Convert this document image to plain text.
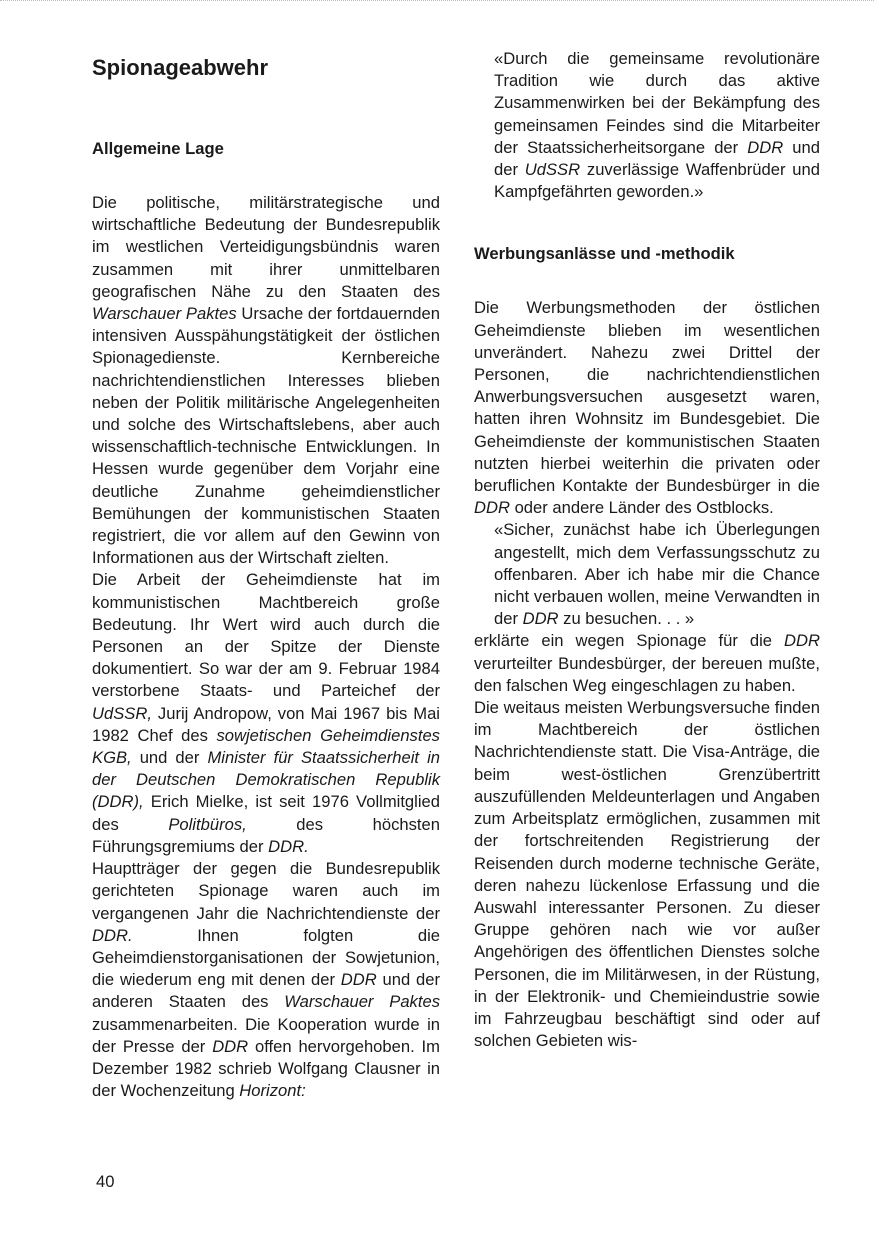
Spionageabwehr
Allgemeine Lage

Die politische, militärstrategische und wirtschaftliche Bedeutung der Bundesrepublik im westlichen Verteidigungsbündnis waren zusammen mit ihrer unmittelbaren geografischen Nähe zu den Staaten des Warschauer Paktes Ursache der fortdauernden intensiven Ausspähungstätigkeit der östlichen Spionagedienste. Kernbereiche nachrichtendienstlichen Interesses blieben neben der Politik militärische Angelegenheiten und solche des Wirtschaftslebens, aber auch wissenschaftlich-technische Entwicklungen. In Hessen wurde gegenüber dem Vorjahr eine deutliche Zunahme geheimdienstlicher Bemühungen der kommunistischen Staaten registriert, die vor allem auf den Gewinn von Informationen aus der Wirtschaft zielten.

Die Arbeit der Geheimdienste hat im kommunistischen Machtbereich große Bedeutung. Ihr Wert wird auch durch die Personen an der Spitze der Dienste dokumentiert. So war der am 9. Februar 1984 verstorbene Staats- und Parteichef der UdSSR, Jurij Andropow, von Mai 1967 bis Mai 1982 Chef des sowjetischen Geheimdienstes KGB, und der Minister für Staatssicherheit in der Deutschen Demokratischen Republik (DDR), Erich Mielke, ist seit 1976 Vollmitglied des Politbüros, des höchsten Führungsgremiums der DDR.

Hauptträger der gegen die Bundesrepublik gerichteten Spionage waren auch im vergangenen Jahr die Nachrichtendienste der DDR. Ihnen folgten die Geheimdienstorganisationen der Sowjetunion, die wiederum eng mit denen der DDR und der anderen Staaten des Warschauer Paktes zusammenarbeiten. Die Kooperation wurde in der Presse der DDR offen hervorgehoben. Im Dezember 1982 schrieb Wolfgang Clausner in der Wochenzeitung Horizont:

«Durch die gemeinsame revolutionäre Tradition wie durch das aktive Zusammenwirken bei der Bekämpfung des gemeinsamen Feindes sind die Mitarbeiter der Staatssicherheitsorgane der DDR und der UdSSR zuverlässige Waffenbrüder und Kampfgefährten geworden.»

Werbungsanlässe und -methodik

Die Werbungsmethoden der östlichen Geheimdienste blieben im wesentlichen unverändert. Nahezu zwei Drittel der Personen, die nachrichtendienstlichen Anwerbungsversuchen ausgesetzt waren, hatten ihren Wohnsitz im Bundesgebiet. Die Geheimdienste der kommunistischen Staaten nutzten hierbei weiterhin die privaten oder beruflichen Kontakte der Bundesbürger in die DDR oder andere Länder des Ostblocks.

«Sicher, zunächst habe ich Überlegungen angestellt, mich dem Verfassungsschutz zu offenbaren. Aber ich habe mir die Chance nicht verbauen wollen, meine Verwandten in der DDR zu besuchen. . . »

erklärte ein wegen Spionage für die DDR verurteilter Bundesbürger, der bereuen mußte, den falschen Weg eingeschlagen zu haben.

Die weitaus meisten Werbungsversuche finden im Machtbereich der östlichen Nachrichtendienste statt. Die Visa-Anträge, die beim west-östlichen Grenzübertritt auszufüllenden Meldeunterlagen und Angaben zum Arbeitsplatz ermöglichen, zusammen mit der fortschreitenden Registrierung der Reisenden durch moderne technische Geräte, deren nahezu lückenlose Erfassung und die Auswahl interessanter Personen. Zu dieser Gruppe gehören nach wie vor außer Angehörigen des öffentlichen Dienstes solche Personen, die im Militärwesen, in der Rüstung, in der Elektronik- und Chemieindustrie sowie im Fahrzeugbau beschäftigt sind oder auf solchen Gebieten wis-

40
